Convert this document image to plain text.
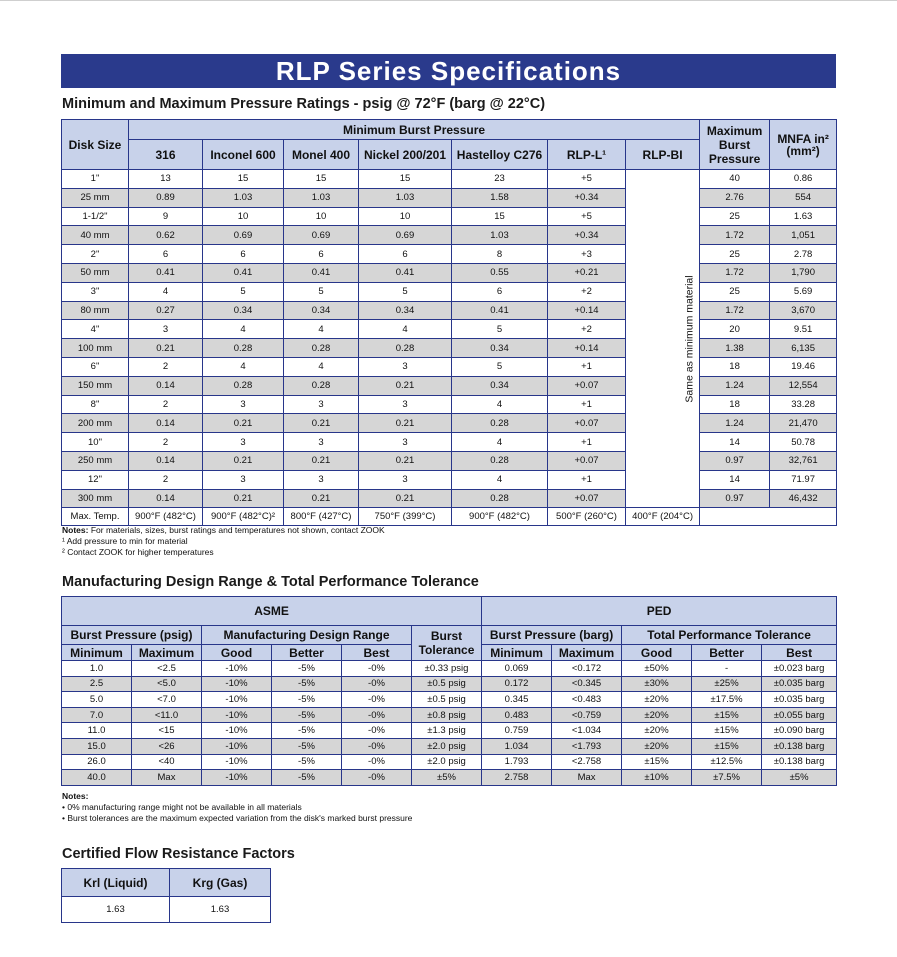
RLP Series Specifications
Minimum and Maximum Pressure Ratings - psig @ 72°F (barg @ 22°C)
Disk Size	Minimum Burst Pressure							Maximum Burst Pressure	MNFA in² (mm²)
	316	Inconel 600	Monel 400	Nickel 200/201	Hastelloy C276	RLP-L¹	RLP-BI		
1"	13	15	15	15	23	+5	Same as minimum material	40	0.86
25 mm	0.89	1.03	1.03	1.03	1.58	+0.34		2.76	554
1-1/2"	9	10	10	10	15	+5		25	1.63
40 mm	0.62	0.69	0.69	0.69	1.03	+0.34		1.72	1,051
2"	6	6	6	6	8	+3		25	2.78
50 mm	0.41	0.41	0.41	0.41	0.55	+0.21		1.72	1,790
3"	4	5	5	5	6	+2		25	5.69
80 mm	0.27	0.34	0.34	0.34	0.41	+0.14		1.72	3,670
4"	3	4	4	4	5	+2		20	9.51
100 mm	0.21	0.28	0.28	0.28	0.34	+0.14		1.38	6,135
6"	2	4	4	3	5	+1		18	19.46
150 mm	0.14	0.28	0.28	0.21	0.34	+0.07		1.24	12,554
8"	2	3	3	3	4	+1		18	33.28
200 mm	0.14	0.21	0.21	0.21	0.28	+0.07		1.24	21,470
10"	2	3	3	3	4	+1		14	50.78
250 mm	0.14	0.21	0.21	0.21	0.28	+0.07		0.97	32,761
12"	2	3	3	3	4	+1		14	71.97
300 mm	0.14	0.21	0.21	0.21	0.28	+0.07		0.97	46,432
Max. Temp.	900°F (482°C)	900°F (482°C)²	800°F (427°C)	750°F (399°C)	900°F (482°C)	500°F (260°C)	400°F (204°C)		
Notes: For materials, sizes, burst ratings and temperatures not shown, contact ZOOK
¹ Add pressure to min for material
² Contact ZOOK for higher temperatures
Manufacturing Design Range & Total Performance Tolerance
ASME						PED				
Burst Pressure (psig)		Manufacturing Design Range			Burst Tolerance	Burst Pressure (barg)		Total Performance Tolerance		
Minimum	Maximum	Good	Better	Best		Minimum	Maximum	Good	Better	Best
1.0	<2.5	-10%	-5%	-0%	±0.33 psig	0.069	<0.172	±50%	-	±0.023 barg
2.5	<5.0	-10%	-5%	-0%	±0.5 psig	0.172	<0.345	±30%	±25%	±0.035 barg
5.0	<7.0	-10%	-5%	-0%	±0.5 psig	0.345	<0.483	±20%	±17.5%	±0.035 barg
7.0	<11.0	-10%	-5%	-0%	±0.8 psig	0.483	<0.759	±20%	±15%	±0.055 barg
11.0	<15	-10%	-5%	-0%	±1.3 psig	0.759	<1.034	±20%	±15%	±0.090 barg
15.0	<26	-10%	-5%	-0%	±2.0 psig	1.034	<1.793	±20%	±15%	±0.138 barg
26.0	<40	-10%	-5%	-0%	±2.0 psig	1.793	<2.758	±15%	±12.5%	±0.138 barg
40.0	Max	-10%	-5%	-0%	±5%	2.758	Max	±10%	±7.5%	±5%
Notes:
• 0% manufacturing range might not be available in all materials
• Burst tolerances are the maximum expected variation from the disk's marked burst pressure
Certified Flow Resistance Factors
Krl (Liquid)	Krg (Gas)
1.63	1.63
